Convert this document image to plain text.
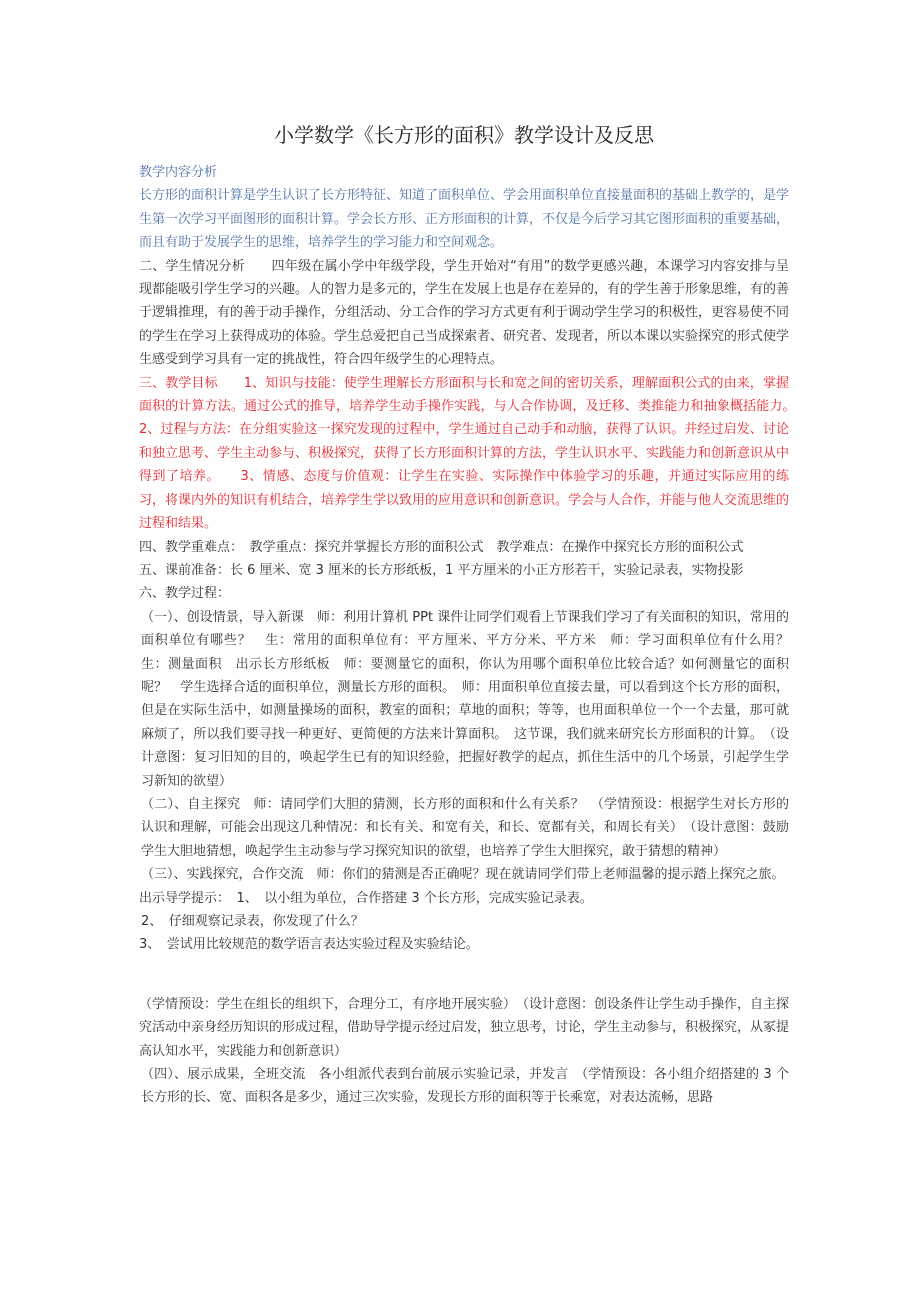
小学数学《长方形的面积》教学设计及反思

教学内容分析

长方形的面积计算是学生认识了长方形特征、知道了面积单位、学会用面积单位直接量面积的基础上教学的，是学生第一次学习平面图形的面积计算。学会长方形、正方形面积的计算，不仅是今后学习其它图形面积的重要基础，而且有助于发展学生的思维，培养学生的学习能力和空间观念。

二、学生情况分析　　四年级在属小学中年级学段，学生开始对“有用”的数学更感兴趣，本课学习内容安排与呈现都能吸引学生学习的兴趣。人的智力是多元的，学生在发展上也是存在差异的，有的学生善于形象思维，有的善于逻辑推理，有的善于动手操作，分组活动、分工合作的学习方式更有利于调动学生学习的积极性，更容易使不同的学生在学习上获得成功的体验。学生总爱把自己当成探索者、研究者、发现者，所以本课以实验探究的形式使学生感受到学习具有一定的挑战性，符合四年级学生的心理特点。

三、教学目标　　1、知识与技能：使学生理解长方形面积与长和宽之间的密切关系，理解面积公式的由来，掌握面积的计算方法。通过公式的推导，培养学生动手操作实践，与人合作协调，及迁移、类推能力和抽象概括能力。　　2、过程与方法：在分组实验这一探究发现的过程中，学生通过自己动手和动脑，获得了认识。并经过启发、讨论和独立思考、学生主动参与、积极探究，获得了长方形面积计算的方法，学生认识水平、实践能力和创新意识从中得到了培养。　　3、情感、态度与价值观：让学生在实验、实际操作中体验学习的乐趣，并通过实际应用的练习，将课内外的知识有机结合，培养学生学以致用的应用意识和创新意识。学会与人合作，并能与他人交流思维的过程和结果。

四、教学重难点：　教学重点：探究并掌握长方形的面积公式　教学难点：在操作中探究长方形的面积公式

五、课前准备：长 6 厘米、宽 3 厘米的长方形纸板，1 平方厘米的小正方形若干，实验记录表，实物投影

六、教学过程：

（一）、创设情景，导入新课　师：利用计算机 PPt 课件让同学们观看上节课我们学习了有关面积的知识，常用的面积单位有哪些？　生：常用的面积单位有：平方厘米、平方分米、平方米　师：学习面积单位有什么用？　生：测量面积　出示长方形纸板　师：要测量它的面积，你认为用哪个面积单位比较合适？如何测量它的面积呢？　学生选择合适的面积单位，测量长方形的面积。　师：用面积单位直接去量，可以看到这个长方形的面积，但是在实际生活中，如测量操场的面积，教室的面积；草地的面积；等等，也用面积单位一个一个去量，那可就麻烦了，所以我们要寻找一种更好、更简便的方法来计算面积。　这节课，我们就来研究长方形面积的计算。　（设计意图：复习旧知的目的，唤起学生已有的知识经验，把握好教学的起点，抓住生活中的几个场景，引起学生学习新知的欲望）

（二）、自主探究　师：请同学们大胆的猜测，长方形的面积和什么有关系？　（学情预设：根据学生对长方形的认识和理解，可能会出现这几种情况：和长有关、和宽有关，和长、宽都有关，和周长有关）　（设计意图：鼓励学生大胆地猜想，唤起学生主动参与学习探究知识的欲望，也培养了学生大胆探究，敢于猜想的精神）

（三）、实践探究，合作交流　师：你们的猜测是否正确呢？现在就请同学们带上老师温馨的提示踏上探究之旅。

出示导学提示：　1、　以小组为单位，合作搭建 3 个长方形，完成实验记录表。

2、　仔细观察记录表，你发现了什么？

3、　尝试用比较规范的数学语言表达实验过程及实验结论。

（学情预设：学生在组长的组织下，合理分工，有序地开展实验）　（设计意图：创设条件让学生动手操作，自主探究活动中亲身经历知识的形成过程，借助导学提示经过启发，独立思考，讨论，学生主动参与，积极探究，从冢提高认知水平，实践能力和创新意识）

（四）、展示成果，全班交流　各小组派代表到台前展示实验记录，并发言　（学情预设：各小组介绍搭建的 3 个长方形的长、宽、面积各是多少，通过三次实验，发现长方形的面积等于长乘宽，对表达流畅，思路
